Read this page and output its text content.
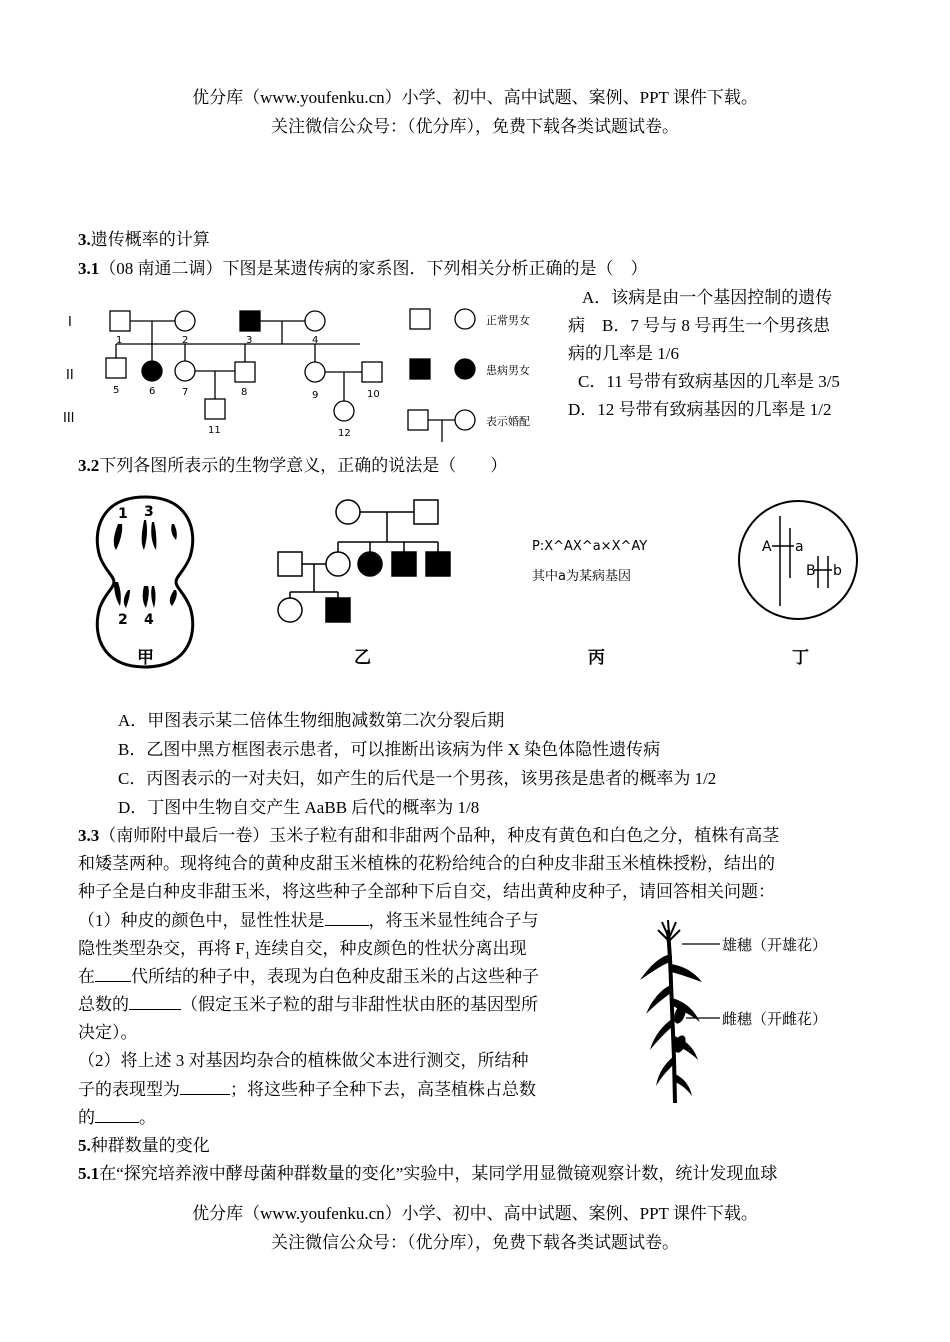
优分库（www.youfenku.cn）小学、初中、高中试题、案例、PPT 课件下载。
关注微信公众号：（优分库），免费下载各类试题试卷。
3.遗传概率的计算
3.1（08 南通二调）下图是某遗传病的家系图．下列相关分析正确的是（　）
I
II
III
1	2	3	4
5	6	7	8	9	10
11	12
正常男女
患病男女
表示婚配
A．该病是由一个基因控制的遗传
病　B．7 号与 8 号再生一个男孩患
病的几率是 1/6
C．11 号带有致病基因的几率是 3/5
D．12 号带有致病基因的几率是 1/2
3.2下列各图所表示的生物学意义，正确的说法是（　　）
1 3
2 4
P:X^AX^a×X^AY
其中a为某病基因
A a
B b
甲	乙	丙	丁
A．甲图表示某二倍体生物细胞减数第二次分裂后期
B．乙图中黑方框图表示患者，可以推断出该病为伴 X 染色体隐性遗传病
C．丙图表示的一对夫妇，如产生的后代是一个男孩，该男孩是患者的概率为 1/2
D．丁图中生物自交产生 AaBB 后代的概率为 1/8
3.3（南师附中最后一卷）玉米子粒有甜和非甜两个品种，种皮有黄色和白色之分，植株有高茎
和矮茎两种。现将纯合的黄种皮甜玉米植株的花粉给纯合的白种皮非甜玉米植株授粉，结出的
种子全是白种皮非甜玉米，将这些种子全部种下后自交，结出黄种皮种子，请回答相关问题：
（1）种皮的颜色中，显性性状是	，将玉米显性纯合子与
隐性类型杂交，再将 $F_1$ 连续自交，种皮颜色的性状分离出现
在 代所结的种子中，表现为白色种皮甜玉米的占这些种子
总数的	（假定玉米子粒的甜与非甜性状由胚的基因型所
决定）。
（2）将上述 3 对基因均杂合的植株做父本进行测交，所结种
子的表现型为	；将这些种子全种下去，高茎植株占总数
的	。
雄穗（开雄花）
雌穗（开雌花）
5.种群数量的变化
5.1在“探究培养液中酵母菌种群数量的变化”实验中，某同学用显微镜观察计数，统计发现血球
优分库（www.youfenku.cn）小学、初中、高中试题、案例、PPT 课件下载。
关注微信公众号：（优分库），免费下载各类试题试卷。
